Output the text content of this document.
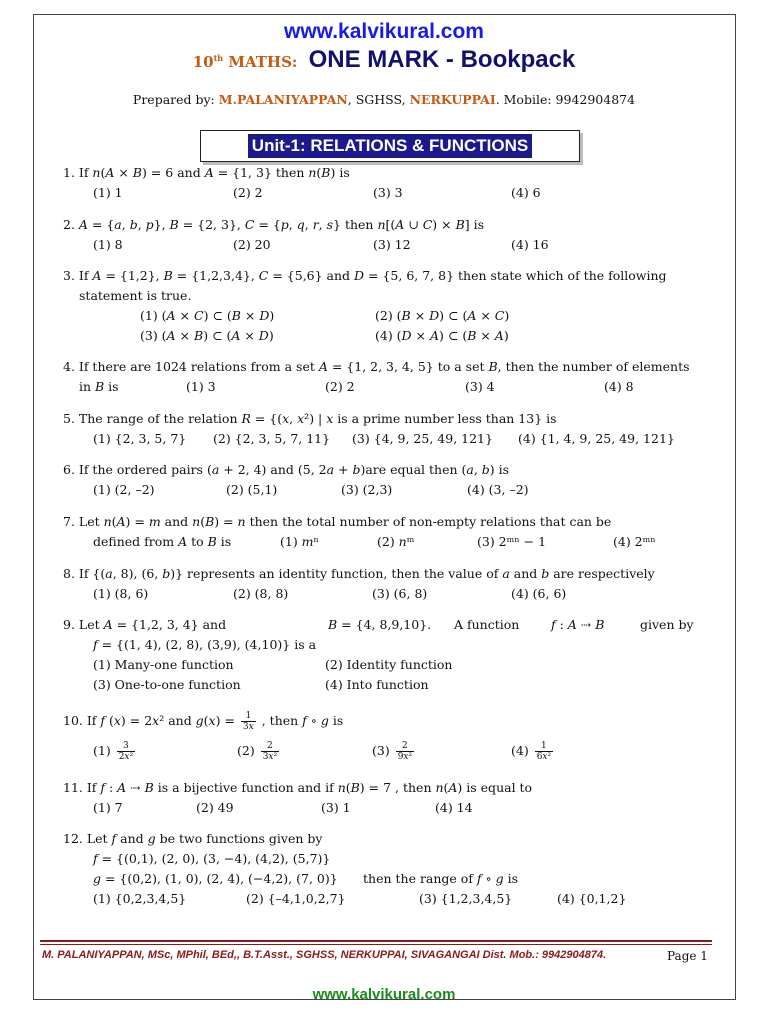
www.kalvikural.com
10th MATHS: ONE MARK - Bookpack
Prepared by: M.PALANIYAPPAN, SGHSS, NERKUPPAI. Mobile: 9942904874
Unit-1: RELATIONS & FUNCTIONS
1. If 𝑛(𝐴 × 𝐵) = 6 and 𝐴 = {1, 3} then 𝑛(𝐵) is
(1) 1	(2) 2	(3) 3	(4) 6
2. 𝐴 = {𝑎, 𝑏, 𝑝}, 𝐵 = {2, 3}, 𝐶 = {𝑝, 𝑞, 𝑟, 𝑠} then 𝑛[(𝐴 ∪ 𝐶) × 𝐵] is
(1) 8	(2) 20	(3) 12	(4) 16
3. If 𝐴 = {1,2}, 𝐵 = {1,2,3,4}, 𝐶 = {5,6} and 𝐷 = {5, 6, 7, 8} then state which of the following
statement is true.
(1) (𝐴 × 𝐶) ⊂ (𝐵 × 𝐷)	(2) (𝐵 × 𝐷) ⊂ (𝐴 × 𝐶)
(3) (𝐴 × 𝐵) ⊂ (𝐴 × 𝐷)	(4) (𝐷 × 𝐴) ⊂ (𝐵 × 𝐴)
4. If there are 1024 relations from a set 𝐴 = {1, 2, 3, 4, 5} to a set 𝐵, then the number of elements
in 𝐵 is	(1) 3	(2) 2	(3) 4	(4) 8
5. The range of the relation 𝑅 = {(𝑥, 𝑥²) | 𝑥 is a prime number less than 13} is
(1) {2, 3, 5, 7} (2) {2, 3, 5, 7, 11} (3) {4, 9, 25, 49, 121} (4) {1, 4, 9, 25, 49, 121}
6. If the ordered pairs (𝑎 + 2, 4) and (5, 2𝑎 + 𝑏)are equal then (𝑎, 𝑏) is
(1) (2, –2)	(2) (5,1)	(3) (2,3)	(4) (3, –2)
7. Let 𝑛(𝐴) = 𝑚 and 𝑛(𝐵) = 𝑛 then the total number of non-empty relations that can be
defined from 𝐴 to 𝐵 is	(1) 𝑚ⁿ	(2) 𝑛ᵐ	(3) 2ᵐⁿ − 1	(4) 2ᵐⁿ
8. If {(𝑎, 8), (6, 𝑏)} represents an identity function, then the value of 𝑎 and 𝑏 are respectively
(1) (8, 6)	(2) (8, 8)	(3) (6, 8)	(4) (6, 6)
9. Let 𝐴 = {1,2, 3, 4} and	𝐵 = {4, 8,9,10}. A function	𝑓 : 𝐴 ⇢ 𝐵	given by
𝑓 = {(1, 4), (2, 8), (3,9), (4,10)} is a
(1) Many-one function	(2) Identity function
(3) One-to-one function	(4) Into function
10. If 𝑓 (𝑥) = 2𝑥² and 𝑔(𝑥) = $\frac{1}{\text{3𝑥}}$ , then 𝑓 ∘ 𝑔 is
$(1) \frac{3}{\text{2𝑥²}}$	$(2) \frac{2}{\text{3𝑥²}}$	$(3) \frac{2}{\text{9𝑥²}}$	$(4) \frac{1}{\text{6𝑥²}}$
11. If 𝑓 : 𝐴 ⇢ 𝐵 is a bijective function and if 𝑛(𝐵) = 7 , then 𝑛(𝐴) is equal to
(1) 7	(2) 49	(3) 1	(4) 14
12. Let 𝑓 and 𝑔 be two functions given by
𝑓 = {(0,1), (2, 0), (3, −4), (4,2), (5,7)}
𝑔 = {(0,2), (1, 0), (2, 4), (−4,2), (7, 0)} then the range of 𝑓 ∘ 𝑔 is
(1) {0,2,3,4,5}	(2) {–4,1,0,2,7}	(3) {1,2,3,4,5}	(4) {0,1,2}
M. PALANIYAPPAN, MSc, MPhil, BEd,, B.T.Asst., SGHSS, NERKUPPAI, SIVAGANGAI Dist. Mob.: 9942904874.	Page 1
www.kalvikural.com
